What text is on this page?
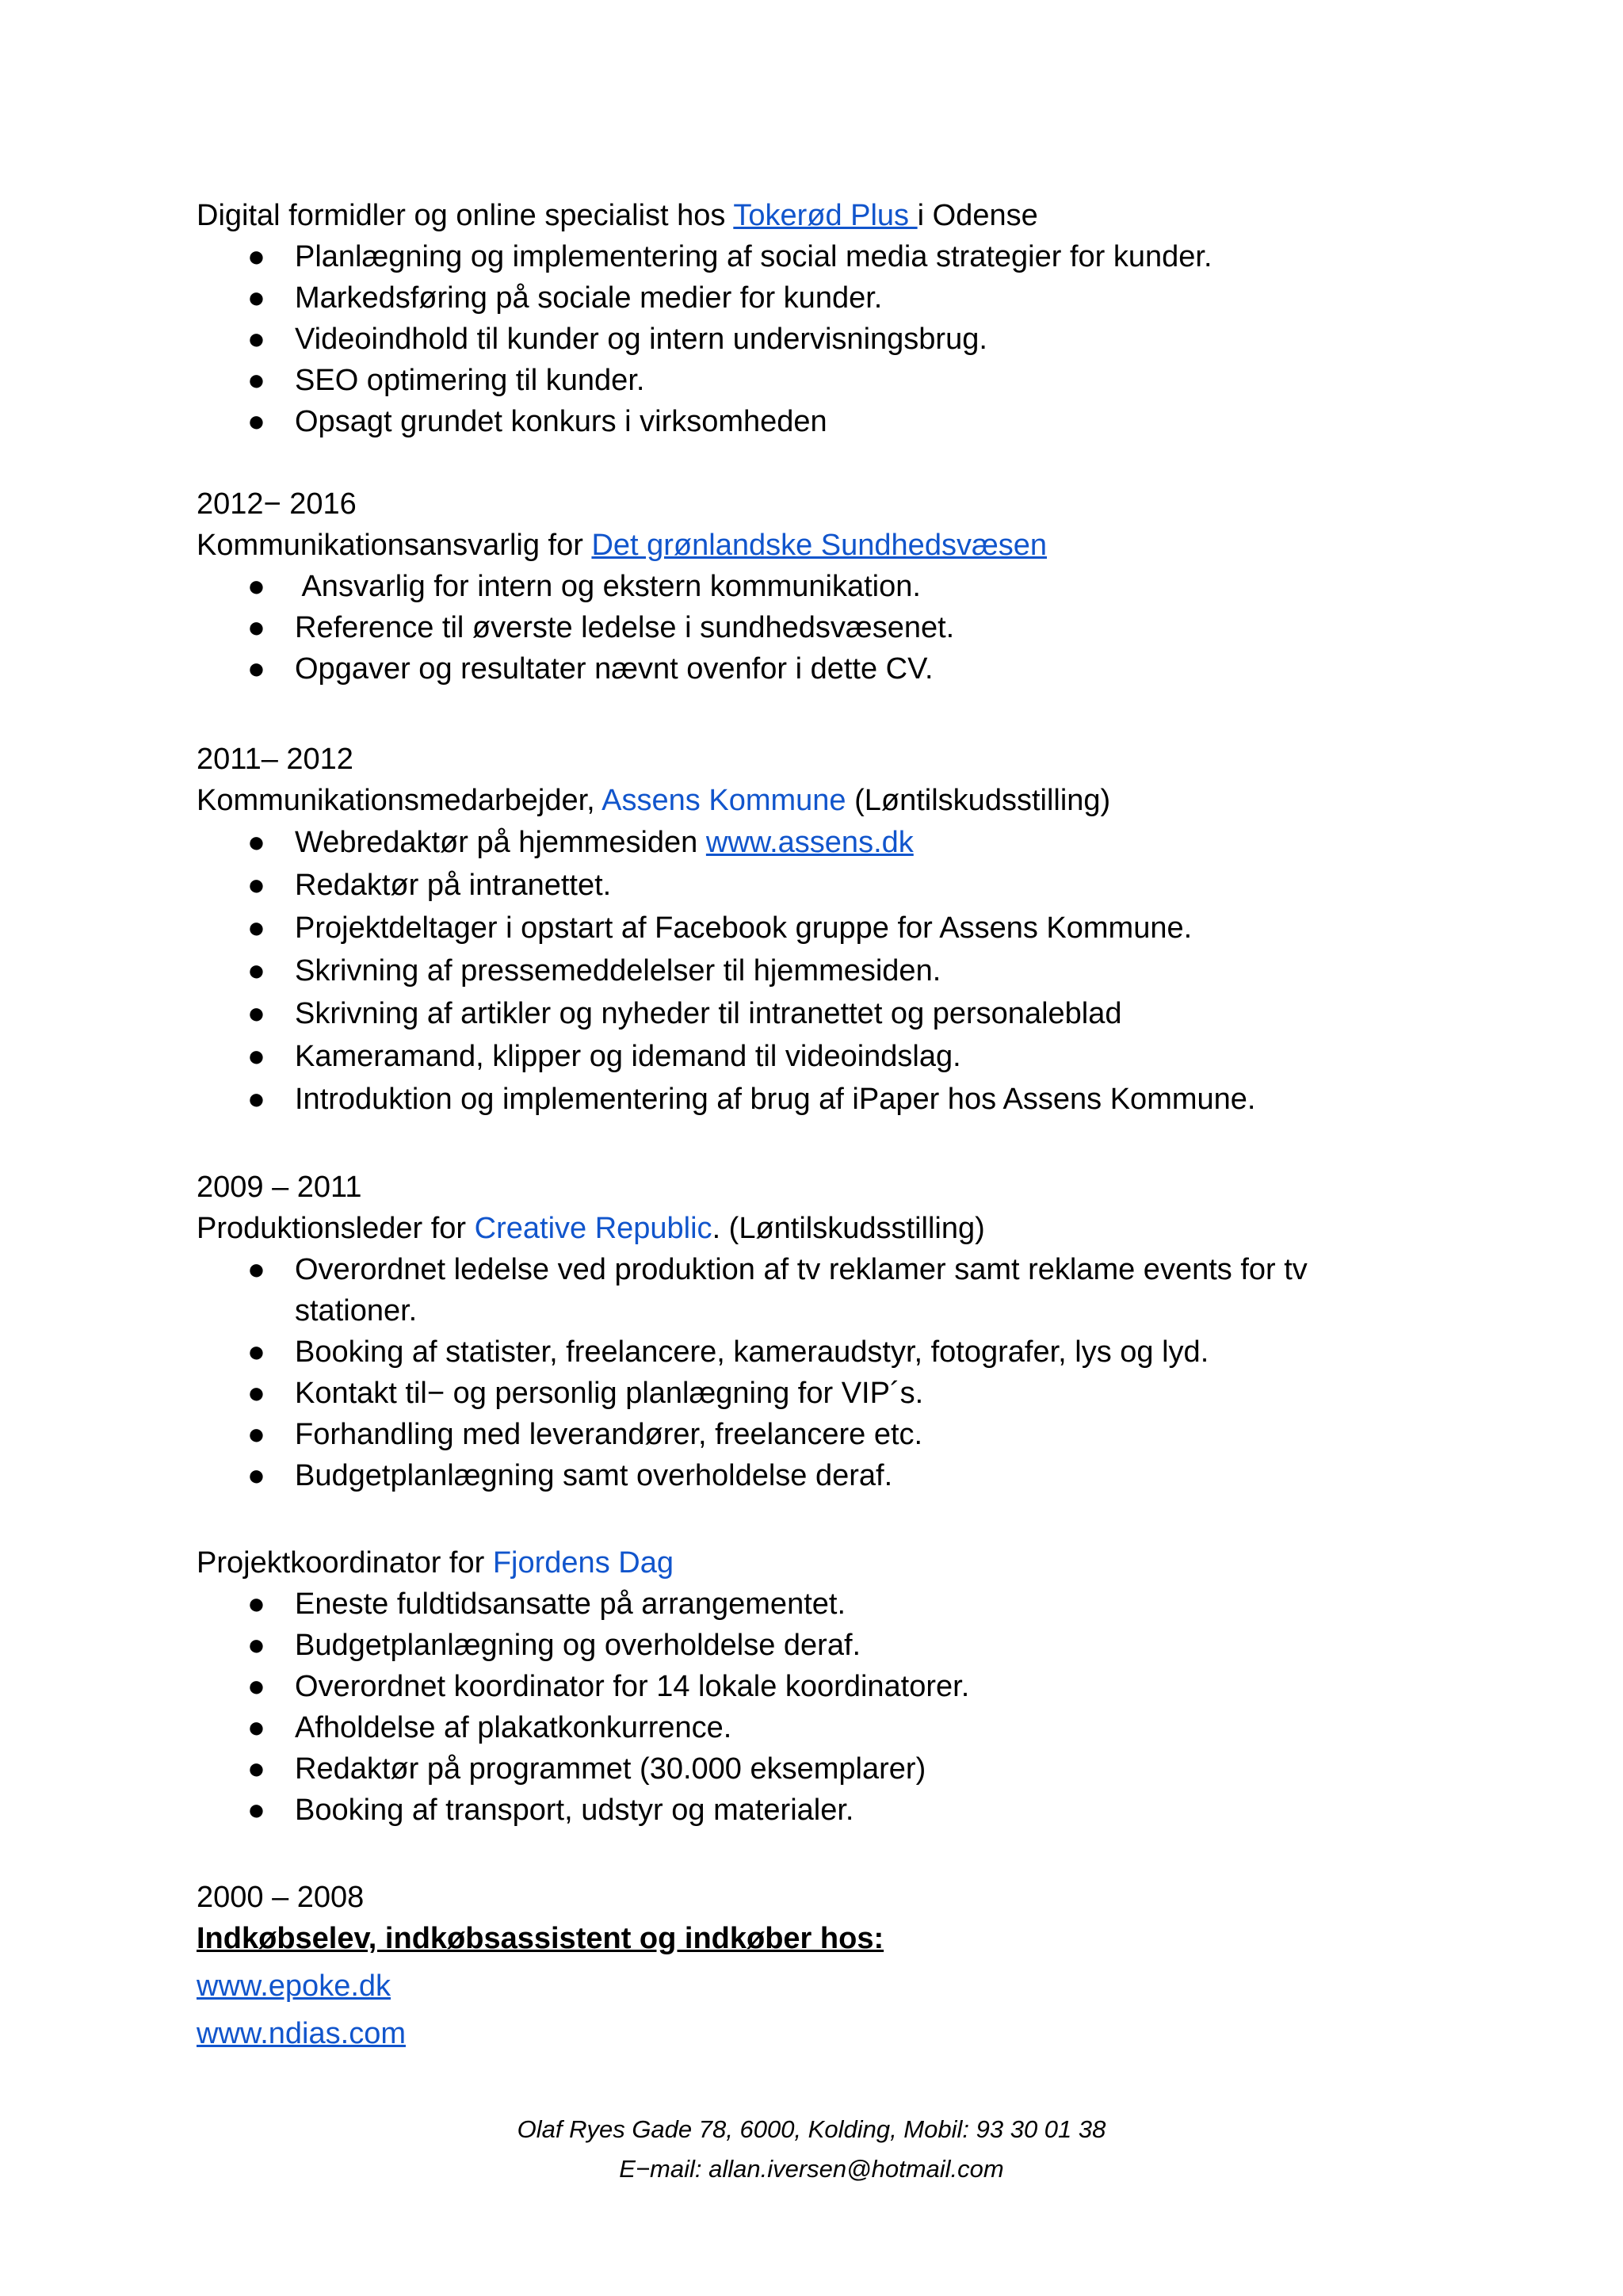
Digital formidler og online specialist hos Tokerød Plus i Odense
● Planlægning og implementering af social media strategier for kunder.
● Markedsføring på sociale medier for kunder.
● Videoindhold til kunder og intern undervisningsbrug.
● SEO optimering til kunder.
● Opsagt grundet konkurs i virksomheden
2012− 2016
Kommunikationsansvarlig for Det grønlandske Sundhedsvæsen
● Ansvarlig for intern og ekstern kommunikation.
● Reference til øverste ledelse i sundhedsvæsenet.
● Opgaver og resultater nævnt ovenfor i dette CV.
2011– 2012
Kommunikationsmedarbejder, Assens Kommune (Løntilskudsstilling)
● Webredaktør på hjemmesiden www.assens.dk
● Redaktør på intranettet.
● Projektdeltager i opstart af Facebook gruppe for Assens Kommune.
● Skrivning af pressemeddelelser til hjemmesiden.
● Skrivning af artikler og nyheder til intranettet og personaleblad
● Kameramand, klipper og idemand til videoindslag.
● Introduktion og implementering af brug af iPaper hos Assens Kommune.
2009 – 2011
Produktionsleder for Creative Republic. (Løntilskudsstilling)
● Overordnet ledelse ved produktion af tv reklamer samt reklame events for tv stationer.
● Booking af statister, freelancere, kameraudstyr, fotografer, lys og lyd.
● Kontakt til− og personlig planlægning for VIP´s.
● Forhandling med leverandører, freelancere etc.
● Budgetplanlægning samt overholdelse deraf.
Projektkoordinator for Fjordens Dag
● Eneste fuldtidsansatte på arrangementet.
● Budgetplanlægning og overholdelse deraf.
● Overordnet koordinator for 14 lokale koordinatorer.
● Afholdelse af plakatkonkurrence.
● Redaktør på programmet (30.000 eksemplarer)
● Booking af transport, udstyr og materialer.
2000 – 2008
Indkøbselev, indkøbsassistent og indkøber hos:
www.epoke.dk
www.ndias.com
Olaf Ryes Gade 78, 6000, Kolding, Mobil: 93 30 01 38
E−mail: allan.iversen@hotmail.com
